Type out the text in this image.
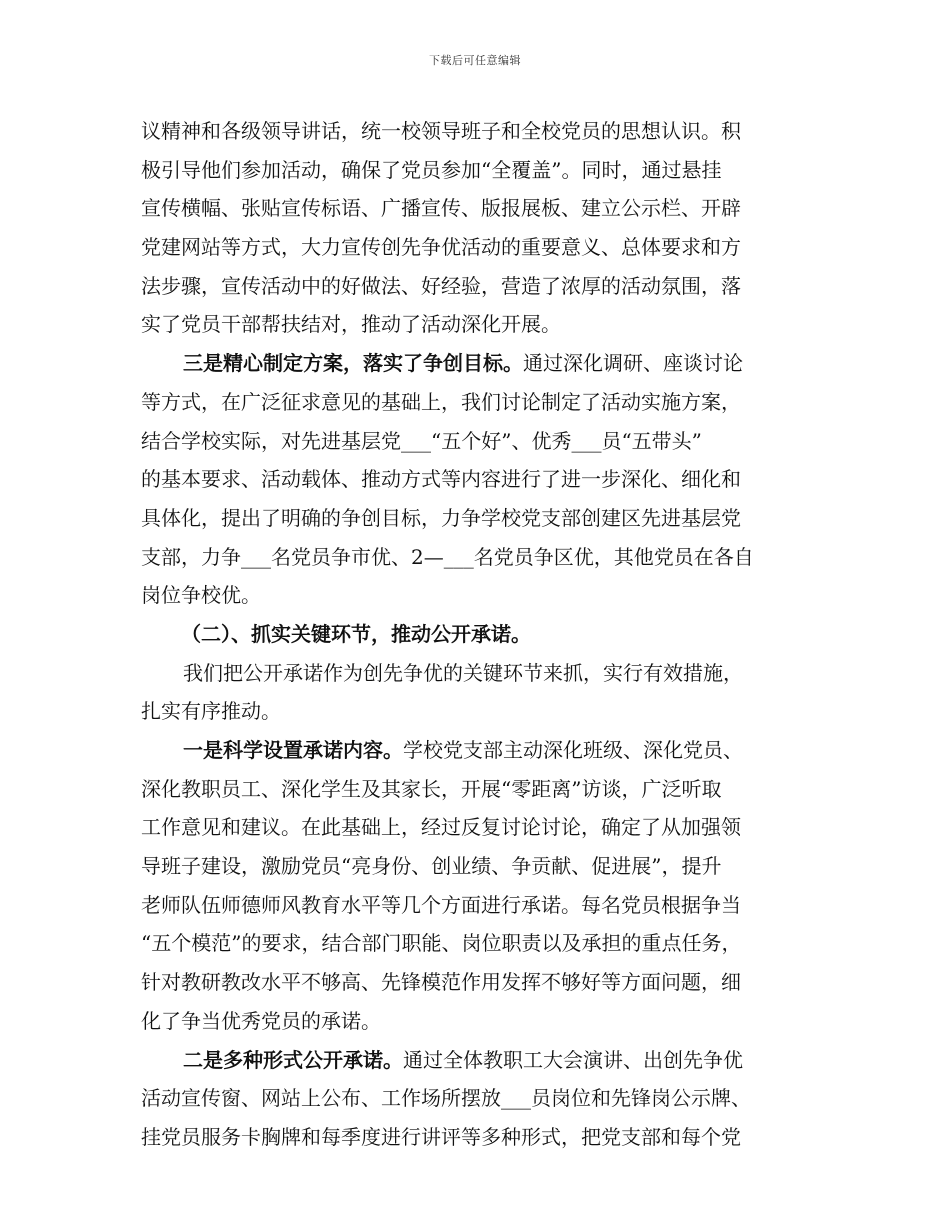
下载后可任意编辑
议精神和各级领导讲话，统一校领导班子和全校党员的思想认识。积
极引导他们参加活动，确保了党员参加“全覆盖”。同时，通过悬挂
宣传横幅、张贴宣传标语、广播宣传、版报展板、建立公示栏、开辟
党建网站等方式，大力宣传创先争优活动的重要意义、总体要求和方
法步骤，宣传活动中的好做法、好经验，营造了浓厚的活动氛围，落
实了党员干部帮扶结对，推动了活动深化开展。
三是精心制定方案，落实了争创目标。通过深化调研、座谈讨论
等方式，在广泛征求意见的基础上，我们讨论制定了活动实施方案，
结合学校实际，对先进基层党___“五个好”、优秀___员“五带头”
的基本要求、活动载体、推动方式等内容进行了进一步深化、细化和
具体化，提出了明确的争创目标，力争学校党支部创建区先进基层党
支部，力争___名党员争市优、2—___名党员争区优，其他党员在各自
岗位争校优。
（二）、抓实关键环节，推动公开承诺。
我们把公开承诺作为创先争优的关键环节来抓，实行有效措施，
扎实有序推动。
一是科学设置承诺内容。学校党支部主动深化班级、深化党员、
深化教职员工、深化学生及其家长，开展“零距离”访谈，广泛听取
工作意见和建议。在此基础上，经过反复讨论讨论，确定了从加强领
导班子建设，激励党员“亮身份、创业绩、争贡献、促进展”，提升
老师队伍师德师风教育水平等几个方面进行承诺。每名党员根据争当
“五个模范”的要求，结合部门职能、岗位职责以及承担的重点任务，
针对教研教改水平不够高、先锋模范作用发挥不够好等方面问题，细
化了争当优秀党员的承诺。
二是多种形式公开承诺。通过全体教职工大会演讲、出创先争优
活动宣传窗、网站上公布、工作场所摆放___员岗位和先锋岗公示牌、
挂党员服务卡胸牌和每季度进行讲评等多种形式，把党支部和每个党
